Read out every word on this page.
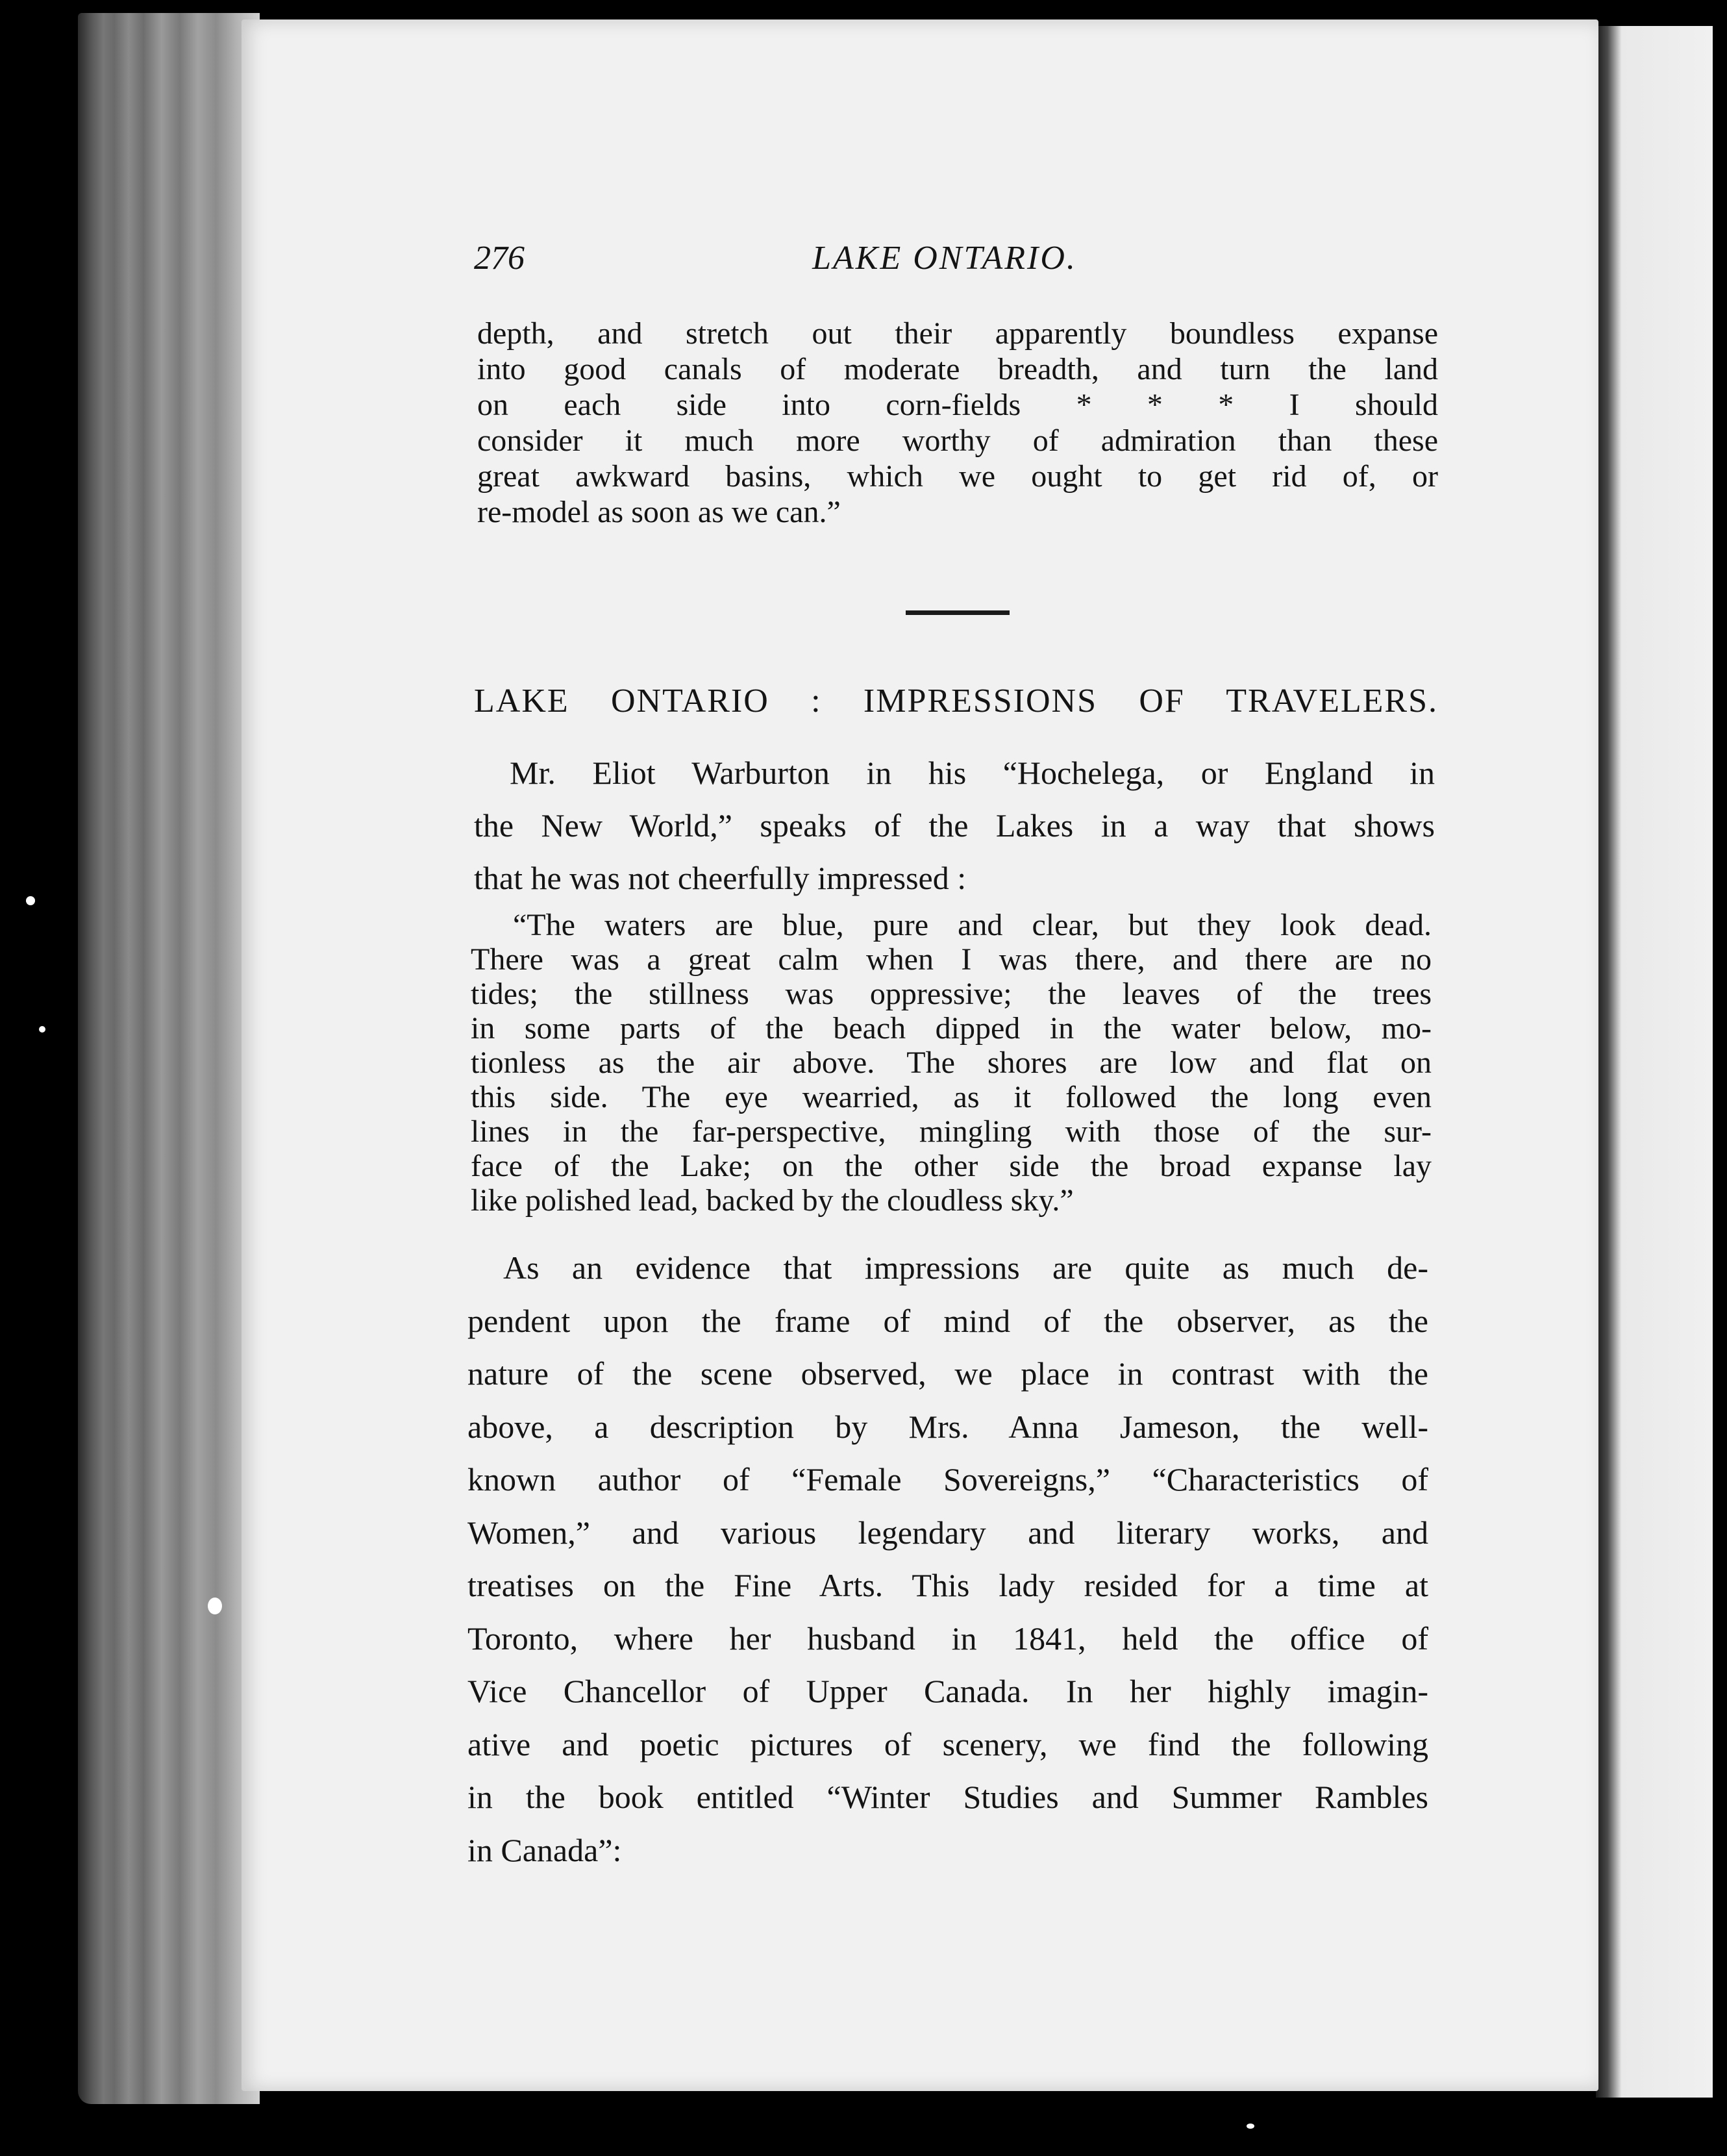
276	LAKE ONTARIO.
depth, and stretch out their apparently boundless expanse
into good canals of moderate breadth, and turn the land
on each side into corn-fields * * * I should
consider it much more worthy of admiration than these
great awkward basins, which we ought to get rid of, or
re-model as soon as we can.”
LAKE ONTARIO : IMPRESSIONS OF TRAVELERS.
Mr. Eliot Warburton in his “Hochelega, or England in
the New World,” speaks of the Lakes in a way that shows
that he was not cheerfully impressed :
“The waters are blue, pure and clear, but they look dead.
There was a great calm when I was there, and there are no
tides; the stillness was oppressive; the leaves of the trees
in some parts of the beach dipped in the water below, mo-
tionless as the air above. The shores are low and flat on
this side. The eye wearried, as it followed the long even
lines in the far-perspective, mingling with those of the sur-
face of the Lake; on the other side the broad expanse lay
like polished lead, backed by the cloudless sky.”
As an evidence that impressions are quite as much de-
pendent upon the frame of mind of the observer, as the
nature of the scene observed, we place in contrast with the
above, a description by Mrs. Anna Jameson, the well-
known author of “Female Sovereigns,” “Characteristics of
Women,” and various legendary and literary works, and
treatises on the Fine Arts. This lady resided for a time at
Toronto, where her husband in 1841, held the office of
Vice Chancellor of Upper Canada. In her highly imagin-
ative and poetic pictures of scenery, we find the following
in the book entitled “Winter Studies and Summer Rambles
in Canada”:
